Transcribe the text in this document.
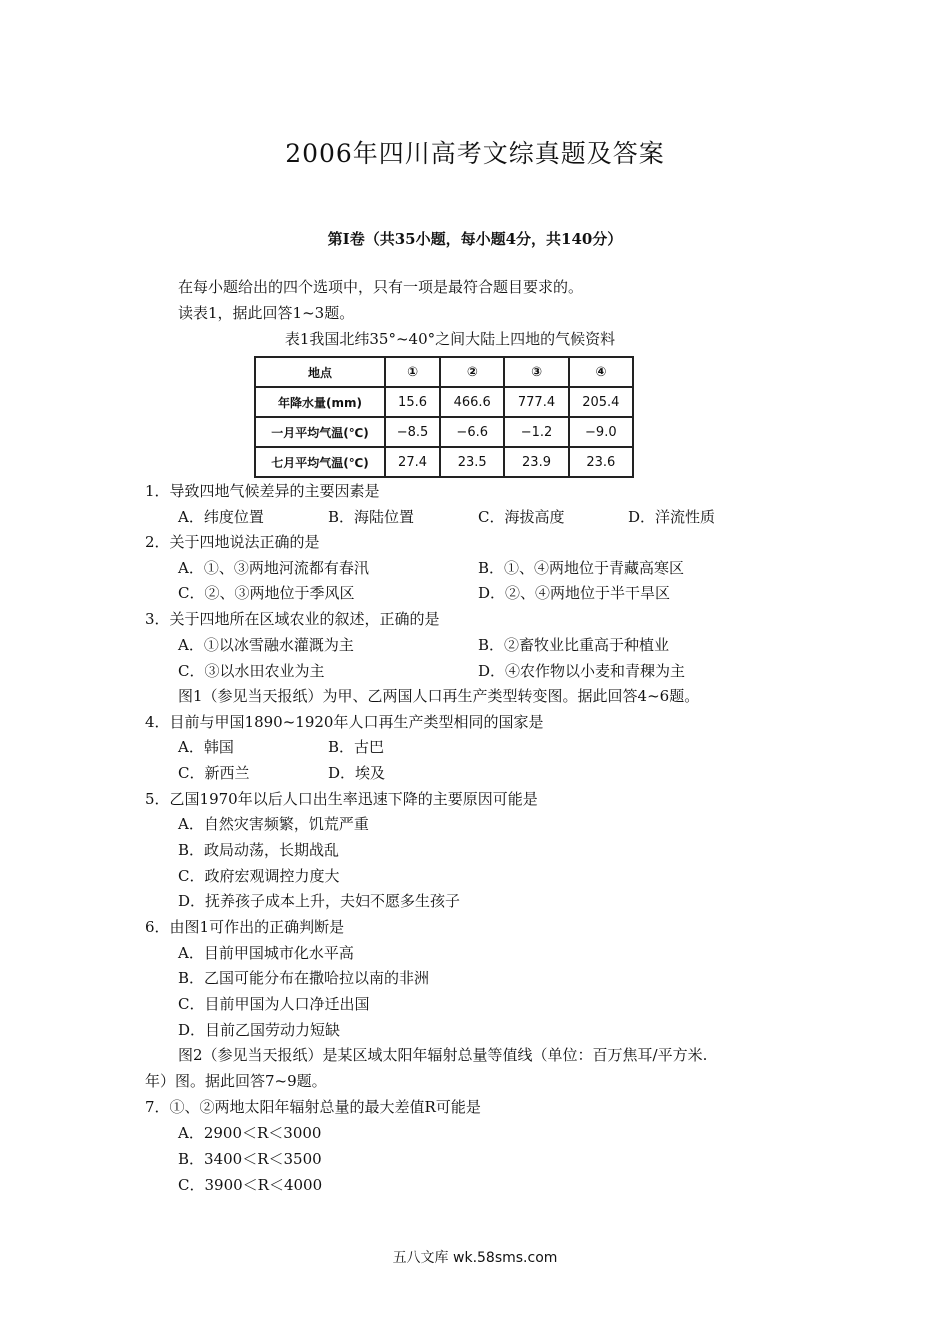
2006年四川高考文综真题及答案
第Ⅰ卷（共35小题，每小题4分，共140分）
在每小题给出的四个选项中，只有一项是最符合题目要求的。
读表1，据此回答1~3题。
表1我国北纬35°~40°之间大陆上四地的气候资料
地点	①	②	③	④
年降水量(mm)	15.6	466.6	777.4	205.4
一月平均气温(℃)	−8.5	−6.6	−1.2	−9.0
七月平均气温(℃)	27.4	23.5	23.9	23.6
1．导致四地气候差异的主要因素是
A．纬度位置	B．海陆位置	C．海拔高度	D．洋流性质
2．关于四地说法正确的是
A．①、③两地河流都有春汛	B．①、④两地位于青藏高寒区
C．②、③两地位于季风区	D．②、④两地位于半干旱区
3．关于四地所在区域农业的叙述，正确的是
A．①以冰雪融水灌溉为主	B．②畜牧业比重高于种植业
C．③以水田农业为主	D．④农作物以小麦和青稞为主
图1（参见当天报纸）为甲、乙两国人口再生产类型转变图。据此回答4~6题。
4．目前与甲国1890~1920年人口再生产类型相同的国家是
A．韩国	B．古巴
C．新西兰	D．埃及
5．乙国1970年以后人口出生率迅速下降的主要原因可能是
A．自然灾害频繁，饥荒严重
B．政局动荡，长期战乱
C．政府宏观调控力度大
D．抚养孩子成本上升，夫妇不愿多生孩子
6．由图1可作出的正确判断是
A．目前甲国城市化水平高
B．乙国可能分布在撒哈拉以南的非洲
C．目前甲国为人口净迁出国
D．目前乙国劳动力短缺
图2（参见当天报纸）是某区域太阳年辐射总量等值线（单位：百万焦耳/平方米.
年）图。据此回答7~9题。
7．①、②两地太阳年辐射总量的最大差值R可能是
A．2900＜R＜3000
B．3400＜R＜3500
C．3900＜R＜4000
五八文库 wk.58sms.com
